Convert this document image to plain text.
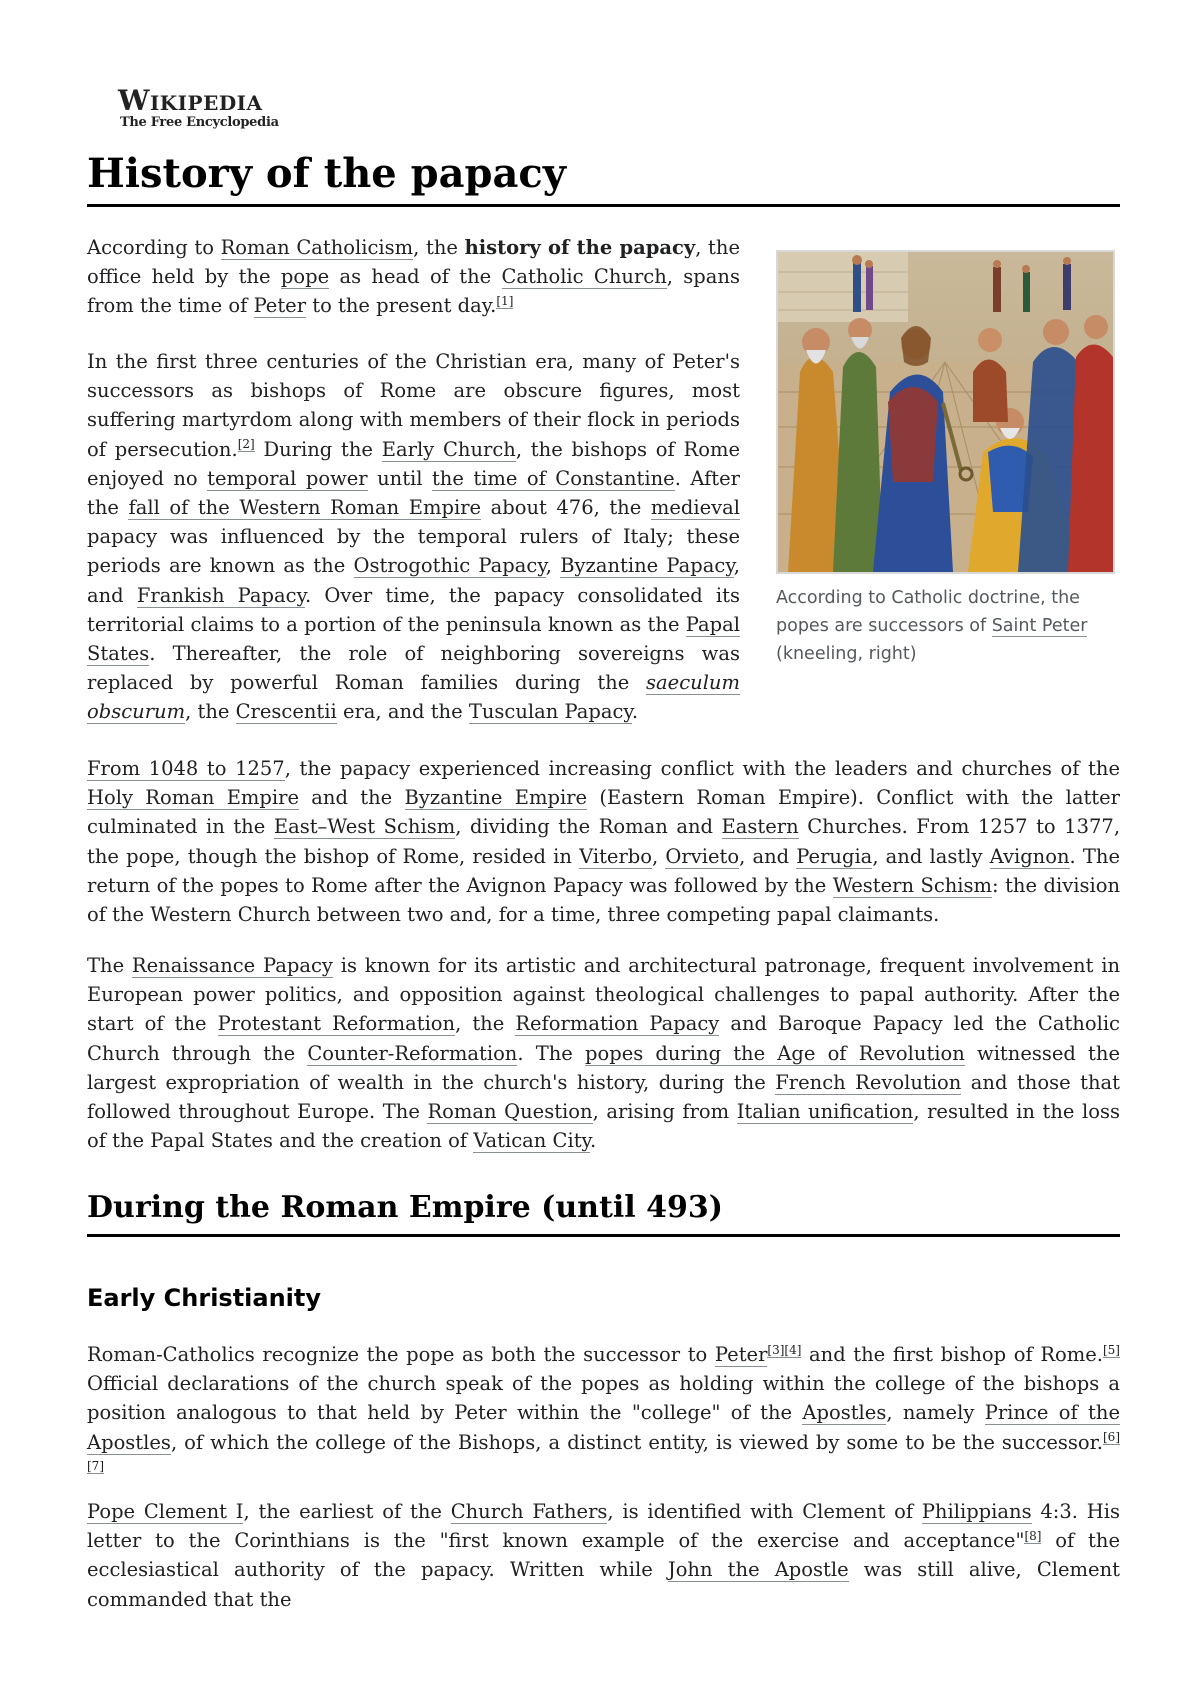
Wikipedia
The Free Encyclopedia
History of the papacy
According to Catholic doctrine, the popes are successors of Saint Peter (kneeling, right)

According to Roman Catholicism, the history of the papacy, the office held by the pope as head of the Catholic Church, spans from the time of Peter to the present day.[1]

In the first three centuries of the Christian era, many of Peter's successors as bishops of Rome are obscure figures, most suffering martyrdom along with members of their flock in periods of persecution.[2] During the Early Church, the bishops of Rome enjoyed no temporal power until the time of Constantine. After the fall of the Western Roman Empire about 476, the medieval papacy was influenced by the temporal rulers of Italy; these periods are known as the Ostrogothic Papacy, Byzantine Papacy, and Frankish Papacy. Over time, the papacy consolidated its territorial claims to a portion of the peninsula known as the Papal States. Thereafter, the role of neighboring sovereigns was replaced by powerful Roman families during the saeculum obscurum, the Crescentii era, and the Tusculan Papacy.

From 1048 to 1257, the papacy experienced increasing conflict with the leaders and churches of the Holy Roman Empire and the Byzantine Empire (Eastern Roman Empire). Conflict with the latter culminated in the East–West Schism, dividing the Roman and Eastern Churches. From 1257 to 1377, the pope, though the bishop of Rome, resided in Viterbo, Orvieto, and Perugia, and lastly Avignon. The return of the popes to Rome after the Avignon Papacy was followed by the Western Schism: the division of the Western Church between two and, for a time, three competing papal claimants.

The Renaissance Papacy is known for its artistic and architectural patronage, frequent involvement in European power politics, and opposition against theological challenges to papal authority. After the start of the Protestant Reformation, the Reformation Papacy and Baroque Papacy led the Catholic Church through the Counter-Reformation. The popes during the Age of Revolution witnessed the largest expropriation of wealth in the church's history, during the French Revolution and those that followed throughout Europe. The Roman Question, arising from Italian unification, resulted in the loss of the Papal States and the creation of Vatican City.

During the Roman Empire (until 493)
Early Christianity

Roman-Catholics recognize the pope as both the successor to Peter[3][4] and the first bishop of Rome.[5] Official declarations of the church speak of the popes as holding within the college of the bishops a position analogous to that held by Peter within the "college" of the Apostles, namely Prince of the Apostles, of which the college of the Bishops, a distinct entity, is viewed by some to be the successor.[6][7]

Pope Clement I, the earliest of the Church Fathers, is identified with Clement of Philippians 4:3. His letter to the Corinthians is the "first known example of the exercise and acceptance"[8] of the ecclesiastical authority of the papacy. Written while John the Apostle was still alive, Clement commanded that the
